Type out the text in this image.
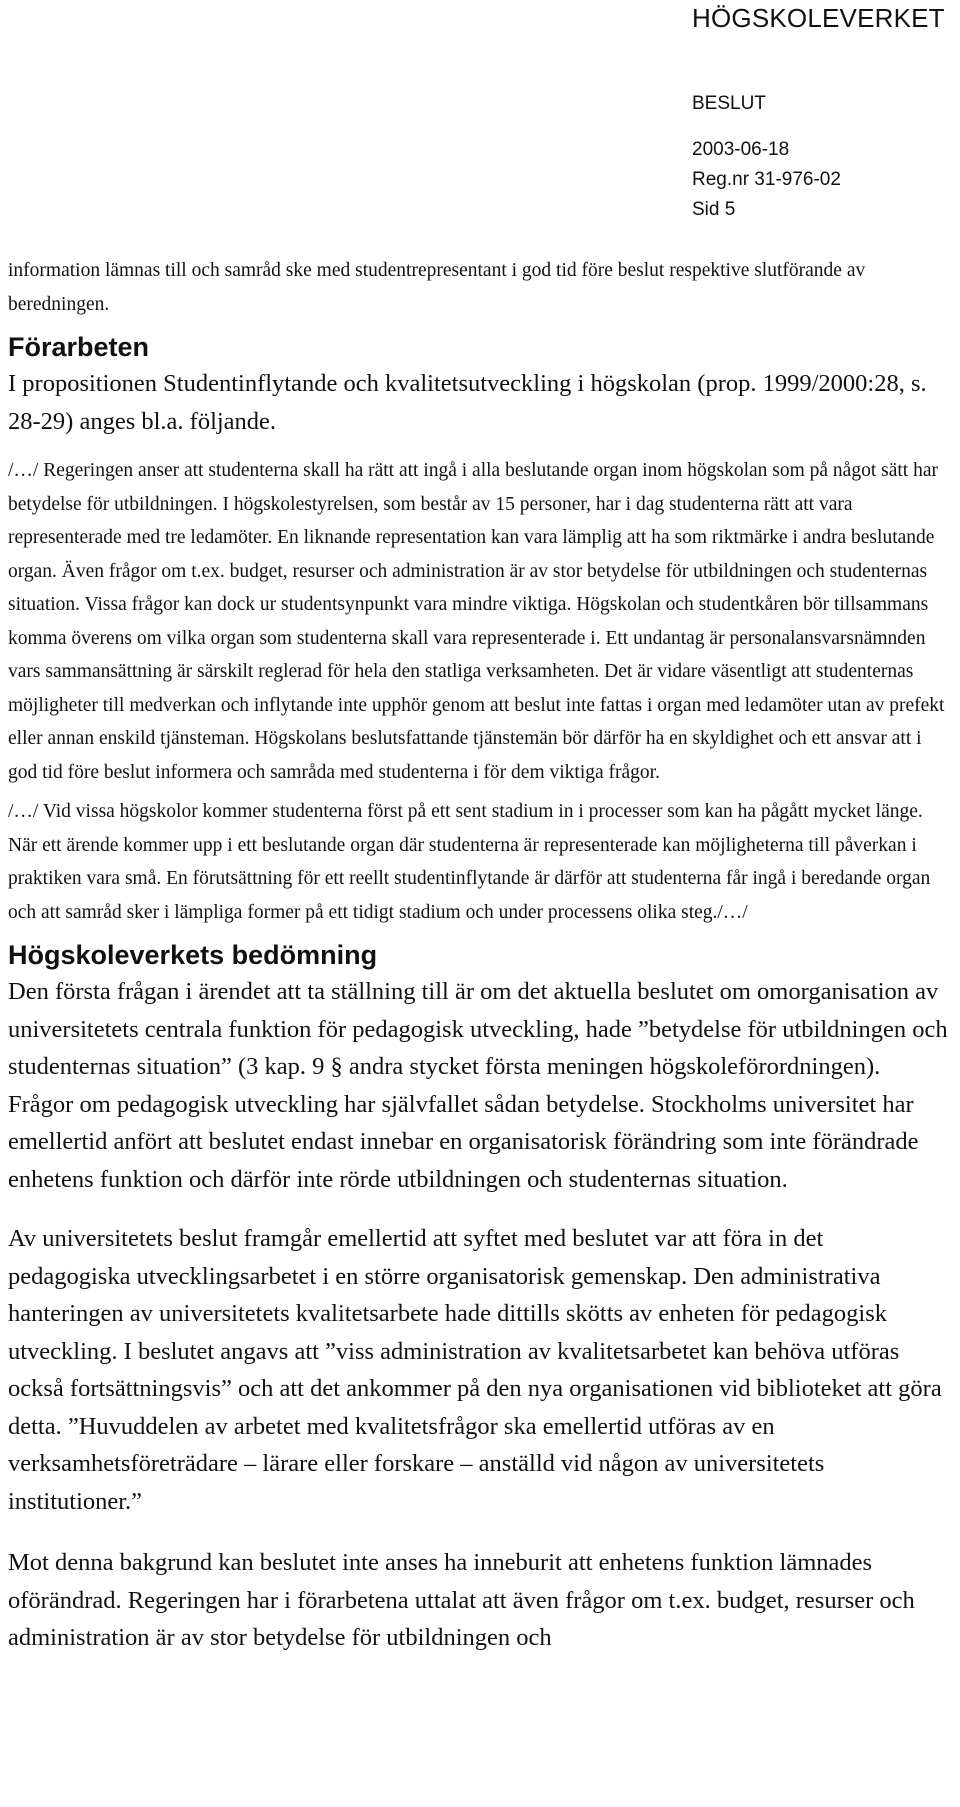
HÖGSKOLEVERKET
BESLUT
2003-06-18
Reg.nr 31-976-02
Sid 5

information lämnas till och samråd ske med studentrepresentant i god tid före beslut respektive slutförande av beredningen.

Förarbeten

I propositionen Studentinflytande och kvalitetsutveckling i högskolan (prop. 1999/2000:28, s. 28-29) anges bl.a. följande.

/…/ Regeringen anser att studenterna skall ha rätt att ingå i alla beslutande organ inom högskolan som på något sätt har betydelse för utbildningen. I högskolestyrelsen, som består av 15 personer, har i dag studenterna rätt att vara representerade med tre ledamöter. En liknande representation kan vara lämplig att ha som riktmärke i andra beslutande organ. Även frågor om t.ex. budget, resurser och administration är av stor betydelse för utbildningen och studenternas situation. Vissa frågor kan dock ur studentsynpunkt vara mindre viktiga. Högskolan och studentkåren bör tillsammans komma överens om vilka organ som studenterna skall vara representerade i. Ett undantag är personalansvarsnämnden vars sammansättning är särskilt reglerad för hela den statliga verksamheten. Det är vidare väsentligt att studenternas möjligheter till medverkan och inflytande inte upphör genom att beslut inte fattas i organ med ledamöter utan av prefekt eller annan enskild tjänsteman. Högskolans beslutsfattande tjänstemän bör därför ha en skyldighet och ett ansvar att i god tid före beslut informera och samråda med studenterna i för dem viktiga frågor.

/…/ Vid vissa högskolor kommer studenterna först på ett sent stadium in i processer som kan ha pågått mycket länge. När ett ärende kommer upp i ett beslutande organ där studenterna är representerade kan möjligheterna till påverkan i praktiken vara små. En förutsättning för ett reellt studentinflytande är därför att studenterna får ingå i beredande organ och att samråd sker i lämpliga former på ett tidigt stadium och under processens olika steg./…/

Högskoleverkets bedömning

Den första frågan i ärendet att ta ställning till är om det aktuella beslutet om omorganisation av universitetets centrala funktion för pedagogisk utveckling, hade ”betydelse för utbildningen och studenternas situation” (3 kap. 9 § andra stycket första meningen högskoleförordningen). Frågor om pedagogisk utveckling har självfallet sådan betydelse. Stockholms universitet har emellertid anfört att beslutet endast innebar en organisatorisk förändring som inte förändrade enhetens funktion och därför inte rörde utbildningen och studenternas situation.

Av universitetets beslut framgår emellertid att syftet med beslutet var att föra in det pedagogiska utvecklingsarbetet i en större organisatorisk gemenskap. Den administrativa hanteringen av universitetets kvalitetsarbete hade dittills skötts av enheten för pedagogisk utveckling. I beslutet angavs att ”viss administration av kvalitetsarbetet kan behöva utföras också fortsättningsvis” och att det ankommer på den nya organisationen vid biblioteket att göra detta. ”Huvuddelen av arbetet med kvalitetsfrågor ska emellertid utföras av en verksamhetsföreträdare – lärare eller forskare – anställd vid någon av universitetets institutioner.”

Mot denna bakgrund kan beslutet inte anses ha inneburit att enhetens funktion lämnades oförändrad. Regeringen har i förarbetena uttalat att även frågor om t.ex. budget, resurser och administration är av stor betydelse för utbildningen och
